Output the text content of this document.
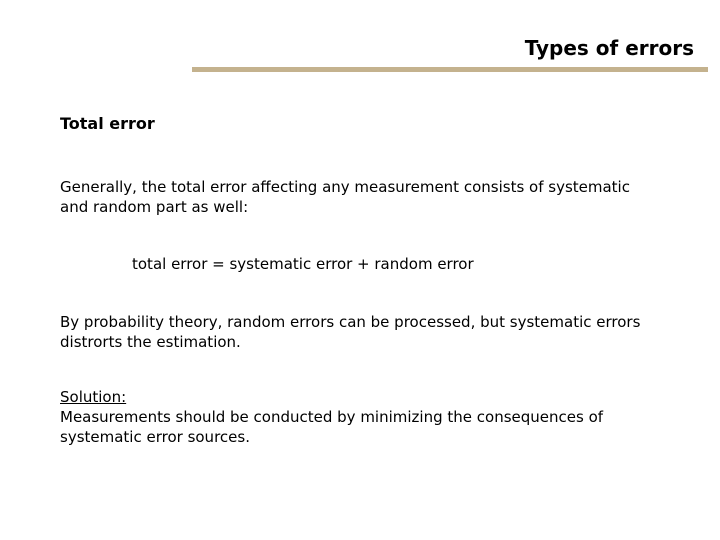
Types of errors
Total error
Generally, the total error affecting any measurement consists of systematic
and random part as well:
total error = systematic error + random error
By probability theory, random errors can be processed, but systematic errors
distrorts the estimation.
Solution:
Measurements should be conducted by minimizing the consequences of
systematic error sources.
